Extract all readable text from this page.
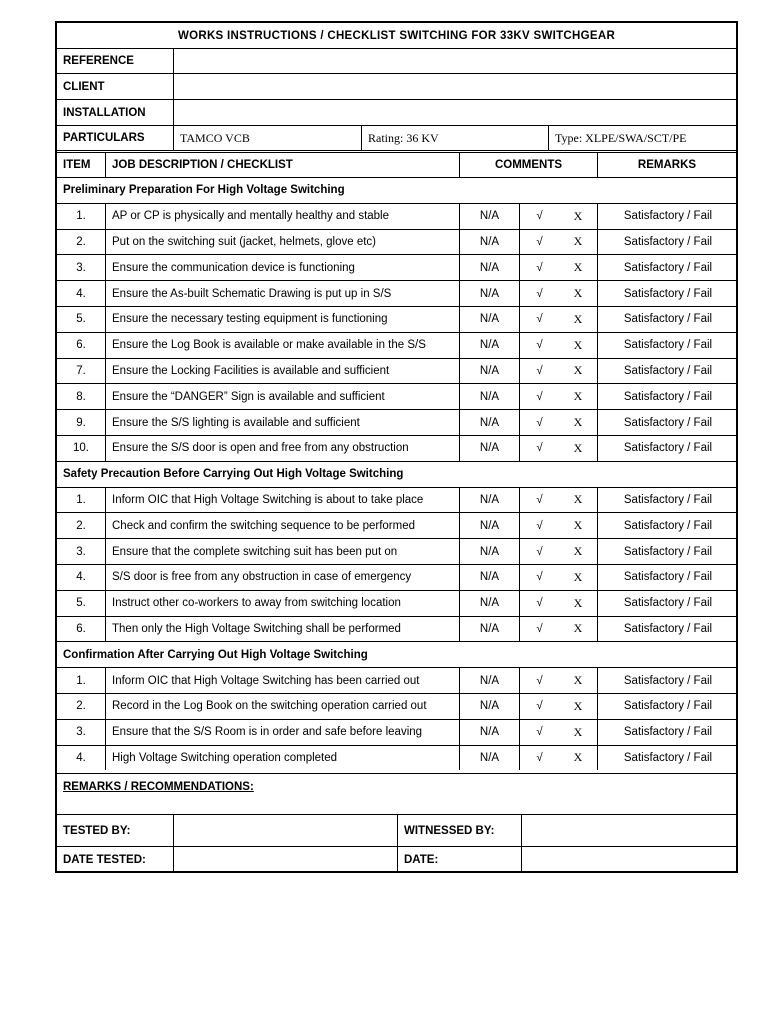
WORKS INSTRUCTIONS / CHECKLIST SWITCHING FOR 33KV SWITCHGEAR
REFERENCE
CLIENT
INSTALLATION
PARTICULARS	TAMCO VCB	Rating: 36 KV	Type: XLPE/SWA/SCT/PE
ITEM	JOB DESCRIPTION / CHECKLIST	COMMENTS	REMARKS
Preliminary Preparation For High Voltage Switching
1.	AP or CP is physically and mentally healthy and stable	N/A	√	X	Satisfactory / Fail
2.	Put on the switching suit (jacket, helmets, glove etc)	N/A	√	X	Satisfactory / Fail
3.	Ensure the communication device is functioning	N/A	√	X	Satisfactory / Fail
4.	Ensure the As-built Schematic Drawing is put up in S/S	N/A	√	X	Satisfactory / Fail
5.	Ensure the necessary testing equipment is functioning	N/A	√	X	Satisfactory / Fail
6.	Ensure the Log Book is available or make available in the S/S	N/A	√	X	Satisfactory / Fail
7.	Ensure the Locking Facilities is available and sufficient	N/A	√	X	Satisfactory / Fail
8.	Ensure the “DANGER” Sign is available and sufficient	N/A	√	X	Satisfactory / Fail
9.	Ensure the S/S lighting is available and sufficient	N/A	√	X	Satisfactory / Fail
10.	Ensure the S/S door is open and free from any obstruction	N/A	√	X	Satisfactory / Fail
Safety Precaution Before Carrying Out High Voltage Switching
1.	Inform OIC that High Voltage Switching is about to take place	N/A	√	X	Satisfactory / Fail
2.	Check and confirm the switching sequence to be performed	N/A	√	X	Satisfactory / Fail
3.	Ensure that the complete switching suit has been put on	N/A	√	X	Satisfactory / Fail
4.	S/S door is free from any obstruction in case of emergency	N/A	√	X	Satisfactory / Fail
5.	Instruct other co-workers to away from switching location	N/A	√	X	Satisfactory / Fail
6.	Then only the High Voltage Switching shall be performed	N/A	√	X	Satisfactory / Fail
Confirmation After Carrying Out High Voltage Switching
1.	Inform OIC that High Voltage Switching has been carried out	N/A	√	X	Satisfactory / Fail
2.	Record in the Log Book on the switching operation carried out	N/A	√	X	Satisfactory / Fail
3.	Ensure that the S/S Room is in order and safe before leaving	N/A	√	X	Satisfactory / Fail
4.	High Voltage Switching operation completed	N/A	√	X	Satisfactory / Fail
REMARKS / RECOMMENDATIONS:
TESTED BY:	WITNESSED BY:
DATE TESTED:	DATE:
